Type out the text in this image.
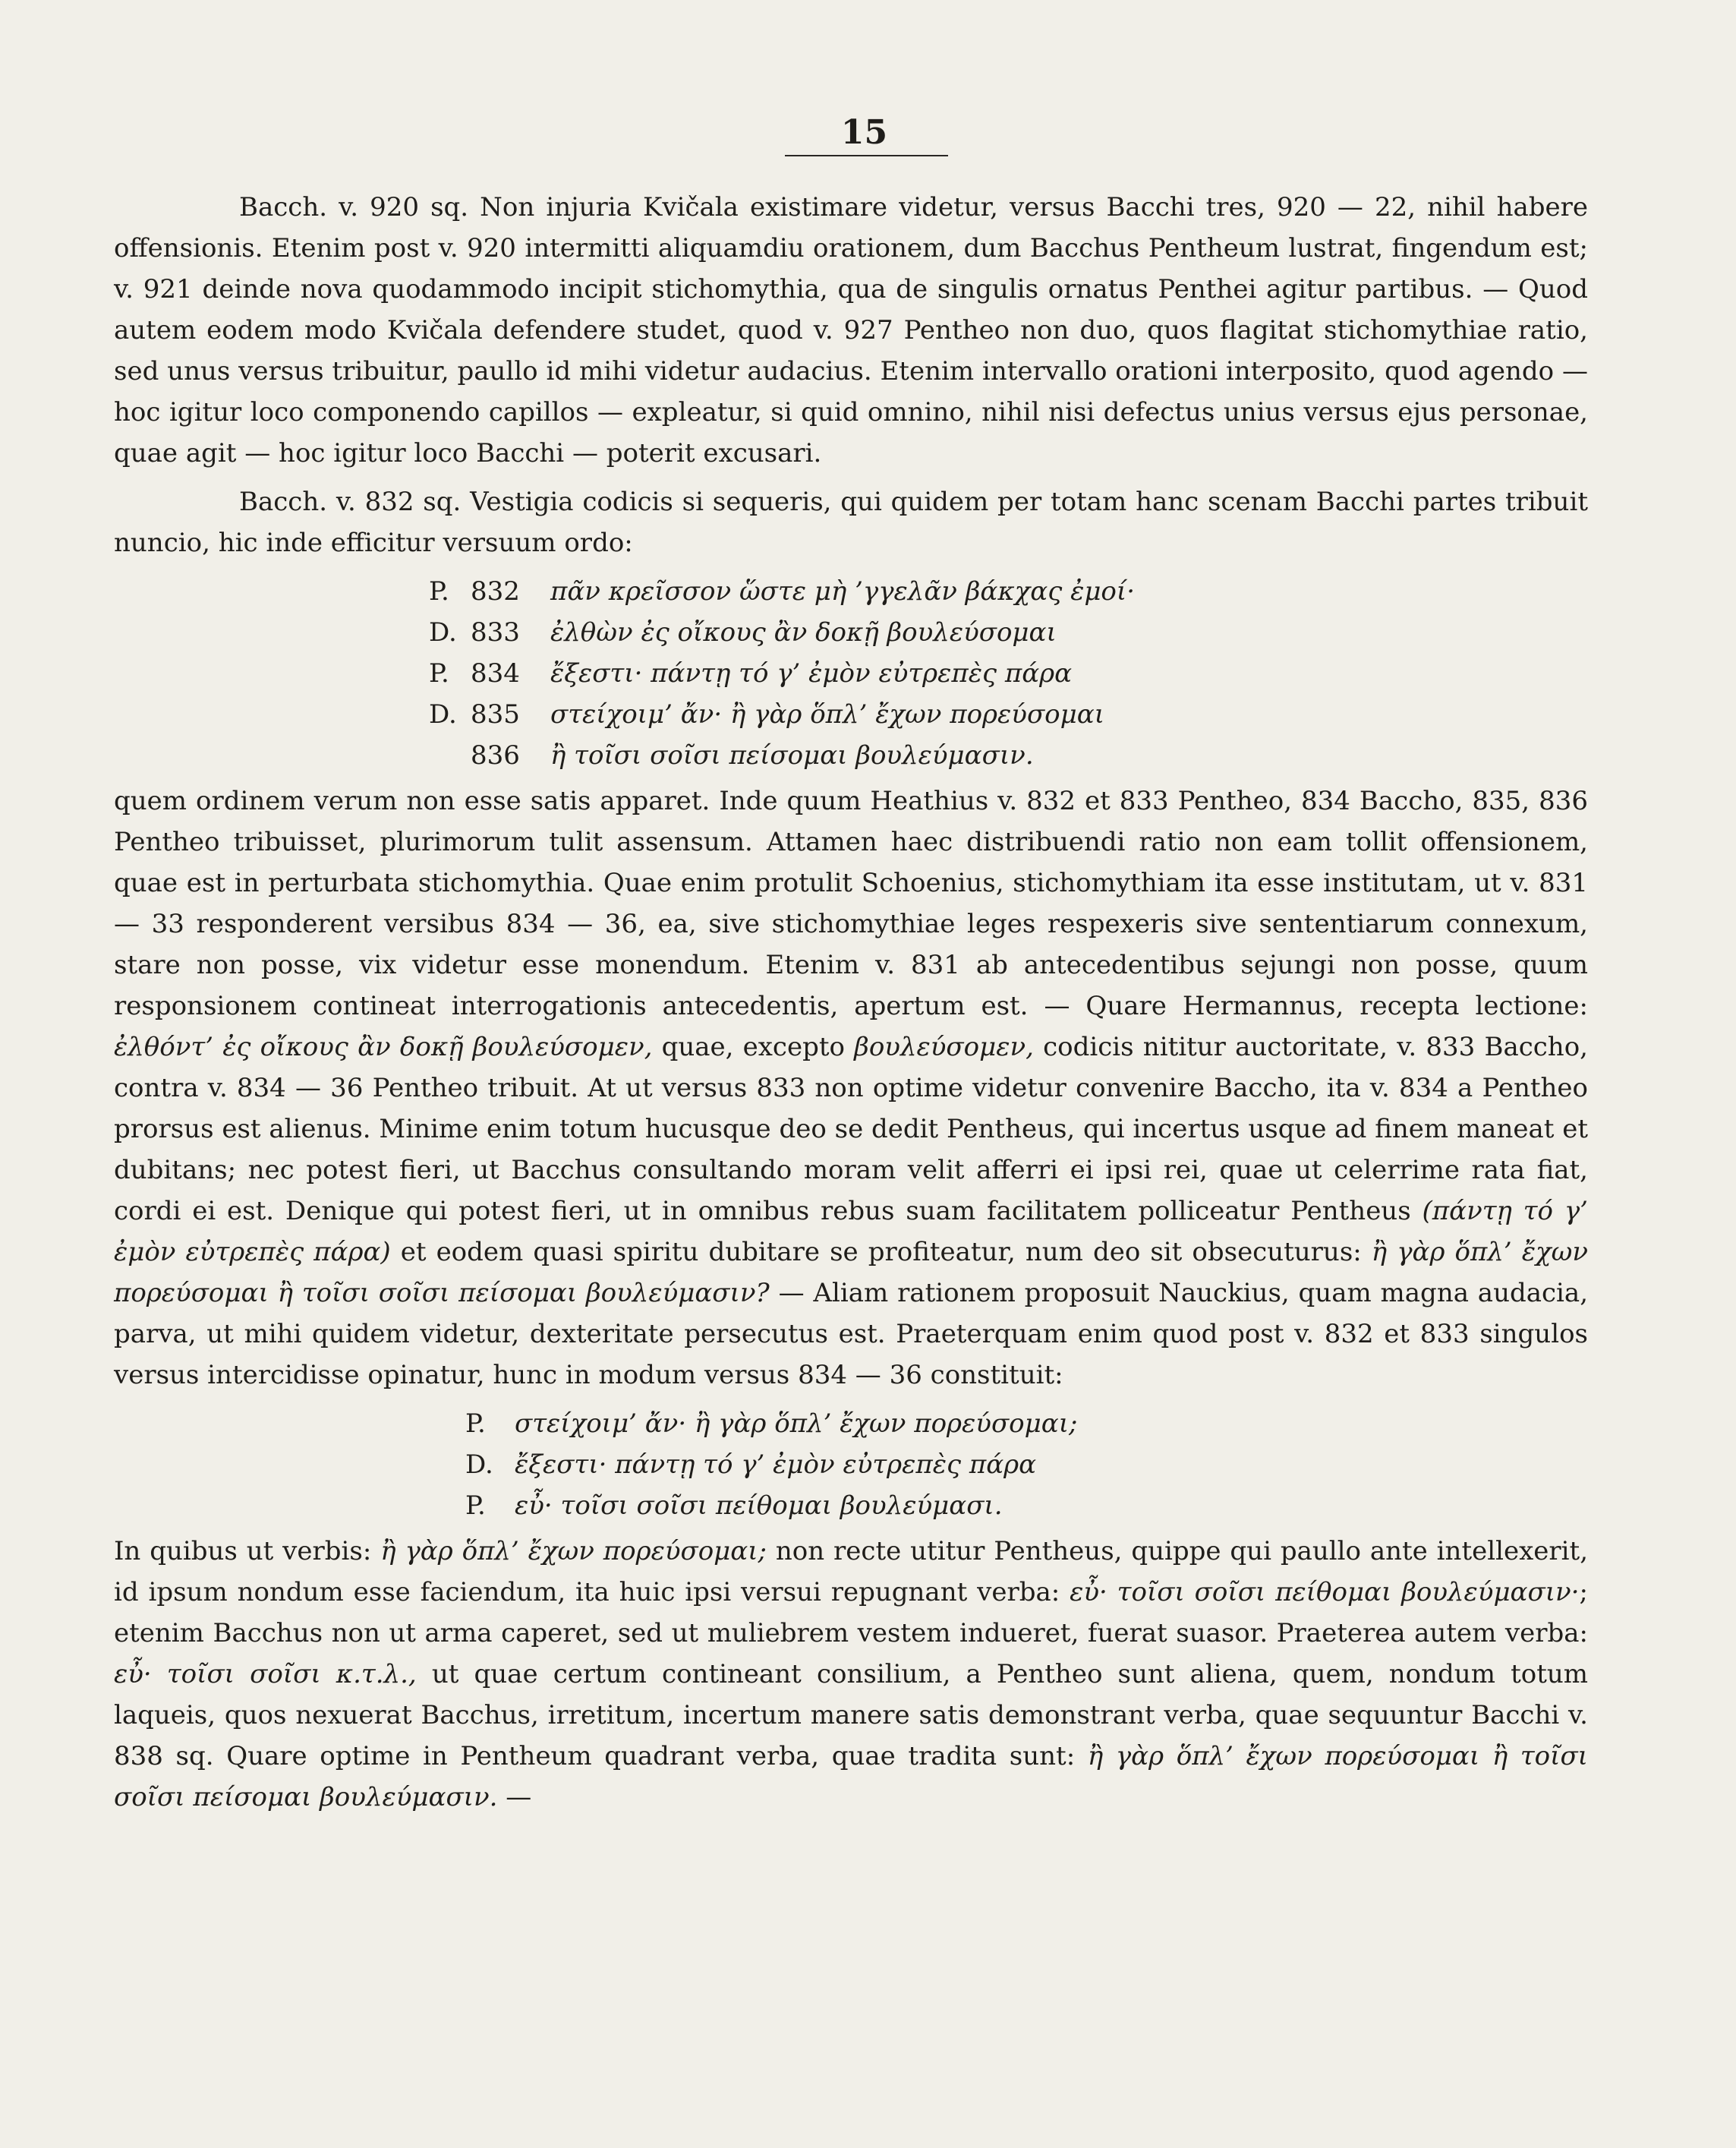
15

Bacch. v. 920 sq. Non injuria Kvičala existimare videtur, versus Bacchi tres, 920 — 22, nihil habere offensionis. Etenim post v. 920 intermitti aliquamdiu orationem, dum Bacchus Pentheum lustrat, fingendum est; v. 921 deinde nova quodammodo incipit stichomythia, qua de singulis ornatus Penthei agitur partibus. — Quod autem eodem modo Kvičala defendere studet, quod v. 927 Pentheo non duo, quos flagitat stichomythiae ratio, sed unus versus tribuitur, paullo id mihi videtur audacius. Etenim intervallo orationi interposito, quod agendo — hoc igitur loco componendo capillos — expleatur, si quid omnino, nihil nisi defectus unius versus ejus personae, quae agit — hoc igitur loco Bacchi — poterit excusari.

Bacch. v. 832 sq. Vestigia codicis si sequeris, qui quidem per totam hanc scenam Bacchi partes tribuit nuncio, hic inde efficitur versuum ordo:

P. 832	πᾶν κρεῖσσον ὥστε μὴ ’γγελᾶν βάκχας ἐμοί·
D. 833	ἐλθὼν ἐς οἴκους ἂν δοκῇ βουλεύσομαι
P. 834	ἔξεστι· πάντῃ τό γ’ ἐμὸν εὐτρεπὲς πάρα
D. 835	στείχοιμ’ ἄν· ἢ γὰρ ὅπλ’ ἔχων πορεύσομαι
836	ἢ τοῖσι σοῖσι πείσομαι βουλεύμασιν.

quem ordinem verum non esse satis apparet. Inde quum Heathius v. 832 et 833 Pentheo, 834 Baccho, 835, 836 Pentheo tribuisset, plurimorum tulit assensum. Attamen haec distribuendi ratio non eam tollit offensionem, quae est in perturbata stichomythia. Quae enim protulit Schoenius, stichomythiam ita esse institutam, ut v. 831 — 33 responderent versibus 834 — 36, ea, sive stichomythiae leges respexeris sive sententiarum connexum, stare non posse, vix videtur esse monendum. Etenim v. 831 ab antecedentibus sejungi non posse, quum responsionem contineat interrogationis antecedentis, apertum est. — Quare Hermannus, recepta lectione: ἐλθόντ’ ἐς οἴκους ἂν δοκῇ βουλεύσομεν, quae, excepto βουλεύσομεν, codicis nititur auctoritate, v. 833 Baccho, contra v. 834 — 36 Pentheo tribuit. At ut versus 833 non optime videtur convenire Baccho, ita v. 834 a Pentheo prorsus est alienus. Minime enim totum hucusque deo se dedit Pentheus, qui incertus usque ad finem maneat et dubitans; nec potest fieri, ut Bacchus consultando moram velit afferri ei ipsi rei, quae ut celerrime rata fiat, cordi ei est. Denique qui potest fieri, ut in omnibus rebus suam facilitatem polliceatur Pentheus (πάντῃ τό γ’ ἐμὸν εὐτρεπὲς πάρα) et eodem quasi spiritu dubitare se profiteatur, num deo sit obsecuturus: ἢ γὰρ ὅπλ’ ἔχων πορεύσομαι ἢ τοῖσι σοῖσι πείσομαι βουλεύμασιν? — Aliam rationem proposuit Nauckius, quam magna audacia, parva, ut mihi quidem videtur, dexteritate persecutus est. Praeterquam enim quod post v. 832 et 833 singulos versus intercidisse opinatur, hunc in modum versus 834 — 36 constituit:

P.	στείχοιμ’ ἄν· ἢ γὰρ ὅπλ’ ἔχων πορεύσομαι;
D. ἔξεστι· πάντῃ τό γ’ ἐμὸν εὐτρεπὲς πάρα
P.	εὖ· τοῖσι σοῖσι πείθομαι βουλεύμασι.

In quibus ut verbis: ἢ γὰρ ὅπλ’ ἔχων πορεύσομαι; non recte utitur Pentheus, quippe qui paullo ante intellexerit, id ipsum nondum esse faciendum, ita huic ipsi versui repugnant verba: εὖ· τοῖσι σοῖσι πείθομαι βουλεύμασιν·; etenim Bacchus non ut arma caperet, sed ut muliebrem vestem indueret, fuerat suasor. Praeterea autem verba: εὖ· τοῖσι σοῖσι κ.τ.λ., ut quae certum contineant consilium, a Pentheo sunt aliena, quem, nondum totum laqueis, quos nexuerat Bacchus, irretitum, incertum manere satis demonstrant verba, quae sequuntur Bacchi v. 838 sq. Quare optime in Pentheum quadrant verba, quae tradita sunt: ἢ γὰρ ὅπλ’ ἔχων πορεύσομαι ἢ τοῖσι σοῖσι πείσομαι βουλεύμασιν. —
